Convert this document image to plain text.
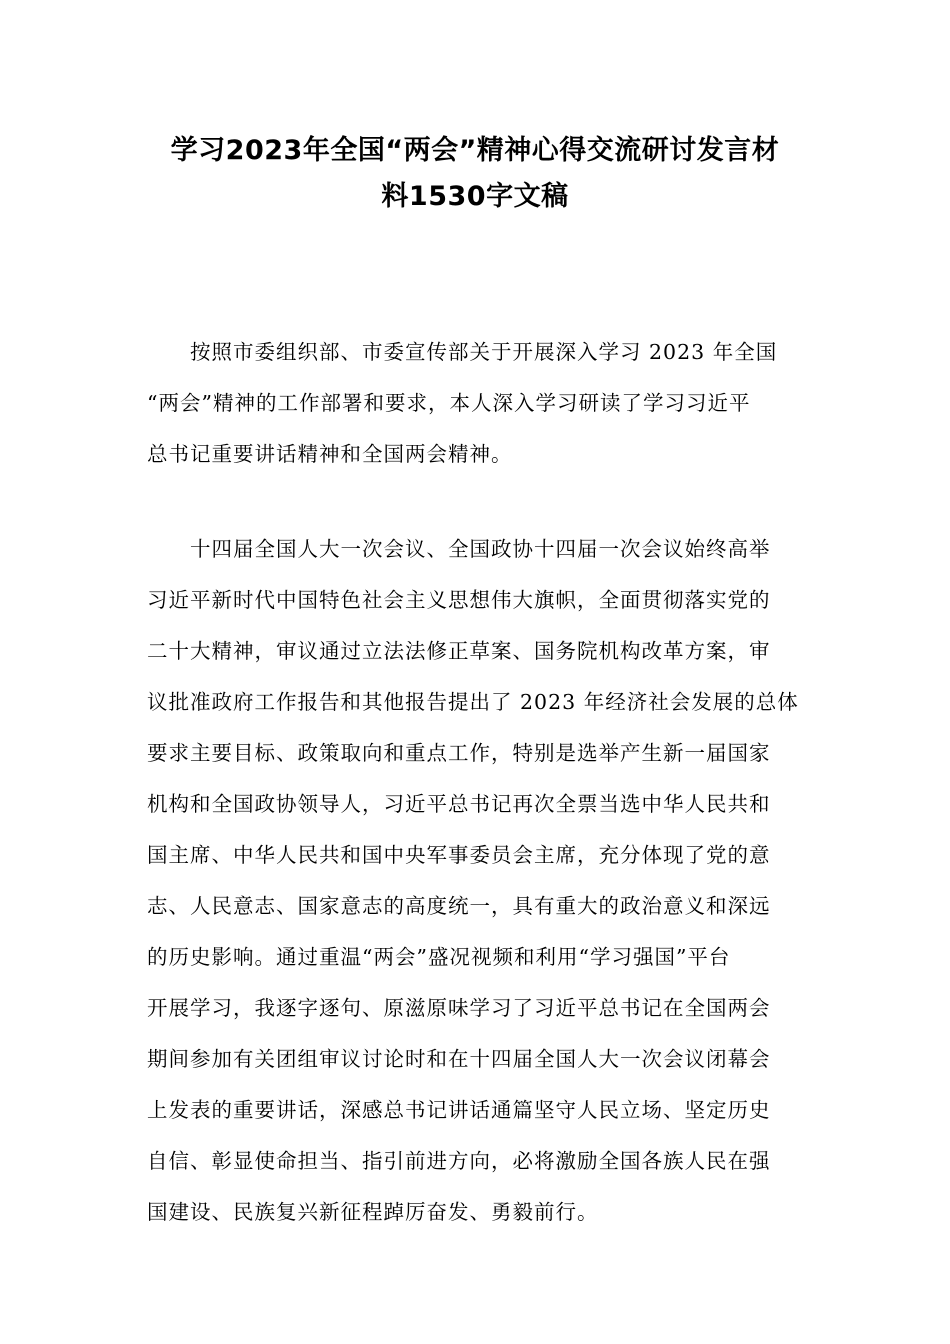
学习2023年全国“两会”精神心得交流研讨发言材
料1530字文稿
　　按照市委组织部、市委宣传部关于开展深入学习 2023 年全国
“两会”精神的工作部署和要求，本人深入学习研读了学习习近平
总书记重要讲话精神和全国两会精神。
　　十四届全国人大一次会议、全国政协十四届一次会议始终高举
习近平新时代中国特色社会主义思想伟大旗帜，全面贯彻落实党的
二十大精神，审议通过立法法修正草案、国务院机构改革方案，审
议批准政府工作报告和其他报告提出了 2023 年经济社会发展的总体
要求主要目标、政策取向和重点工作，特别是选举产生新一届国家
机构和全国政协领导人，习近平总书记再次全票当选中华人民共和
国主席、中华人民共和国中央军事委员会主席，充分体现了党的意
志、人民意志、国家意志的高度统一，具有重大的政治意义和深远
的历史影响。通过重温“两会”盛况视频和利用“学习强国”平台
开展学习，我逐字逐句、原滋原味学习了习近平总书记在全国两会
期间参加有关团组审议讨论时和在十四届全国人大一次会议闭幕会
上发表的重要讲话，深感总书记讲话通篇坚守人民立场、坚定历史
自信、彰显使命担当、指引前进方向，必将激励全国各族人民在强
国建设、民族复兴新征程踔厉奋发、勇毅前行。
